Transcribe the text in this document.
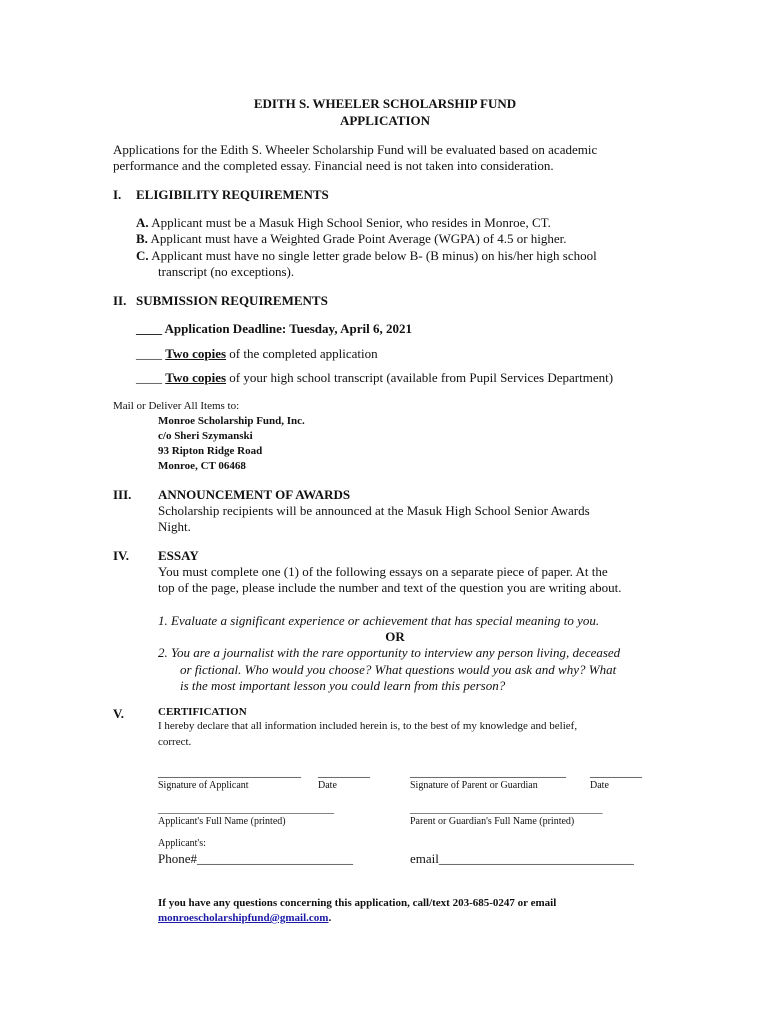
EDITH S. WHEELER SCHOLARSHIP FUND
APPLICATION
Applications for the Edith S. Wheeler Scholarship Fund will be evaluated based on academic
performance and the completed essay. Financial need is not taken into consideration.
I. ELIGIBILITY REQUIREMENTS
A. Applicant must be a Masuk High School Senior, who resides in Monroe, CT.
B. Applicant must have a Weighted Grade Point Average (WGPA) of 4.5 or higher.
C. Applicant must have no single letter grade below B- (B minus) on his/her high school
transcript (no exceptions).
II. SUBMISSION REQUIREMENTS
____ Application Deadline: Tuesday, April 6, 2021
____ Two copies of the completed application
____ Two copies of your high school transcript (available from Pupil Services Department)
Mail or Deliver All Items to:
Monroe Scholarship Fund, Inc.
c/o Sheri Szymanski
93 Ripton Ridge Road
Monroe, CT 06468
III. ANNOUNCEMENT OF AWARDS
Scholarship recipients will be announced at the Masuk High School Senior Awards
Night.
IV. ESSAY
You must complete one (1) of the following essays on a separate piece of paper. At the
top of the page, please include the number and text of the question you are writing about.
1. Evaluate a significant experience or achievement that has special meaning to you.
OR
2. You are a journalist with the rare opportunity to interview any person living, deceased
or fictional. Who would you choose? What questions would you ask and why? What
is the most important lesson you could learn from this person?
V.	CERTIFICATION
I hereby declare that all information included herein is, to the best of my knowledge and belief,
correct.
______________________ ________	________________________ ________
Signature of Applicant	Date	Signature of Parent or Guardian	Date
________________________________	___________________________________
Applicant's Full Name (printed)	Parent or Guardian's Full Name (printed)
Applicant's:
Phone#________________________	email______________________________
If you have any questions concerning this application, call/text 203-685-0247 or email
monroescholarshipfund@gmail.com.
